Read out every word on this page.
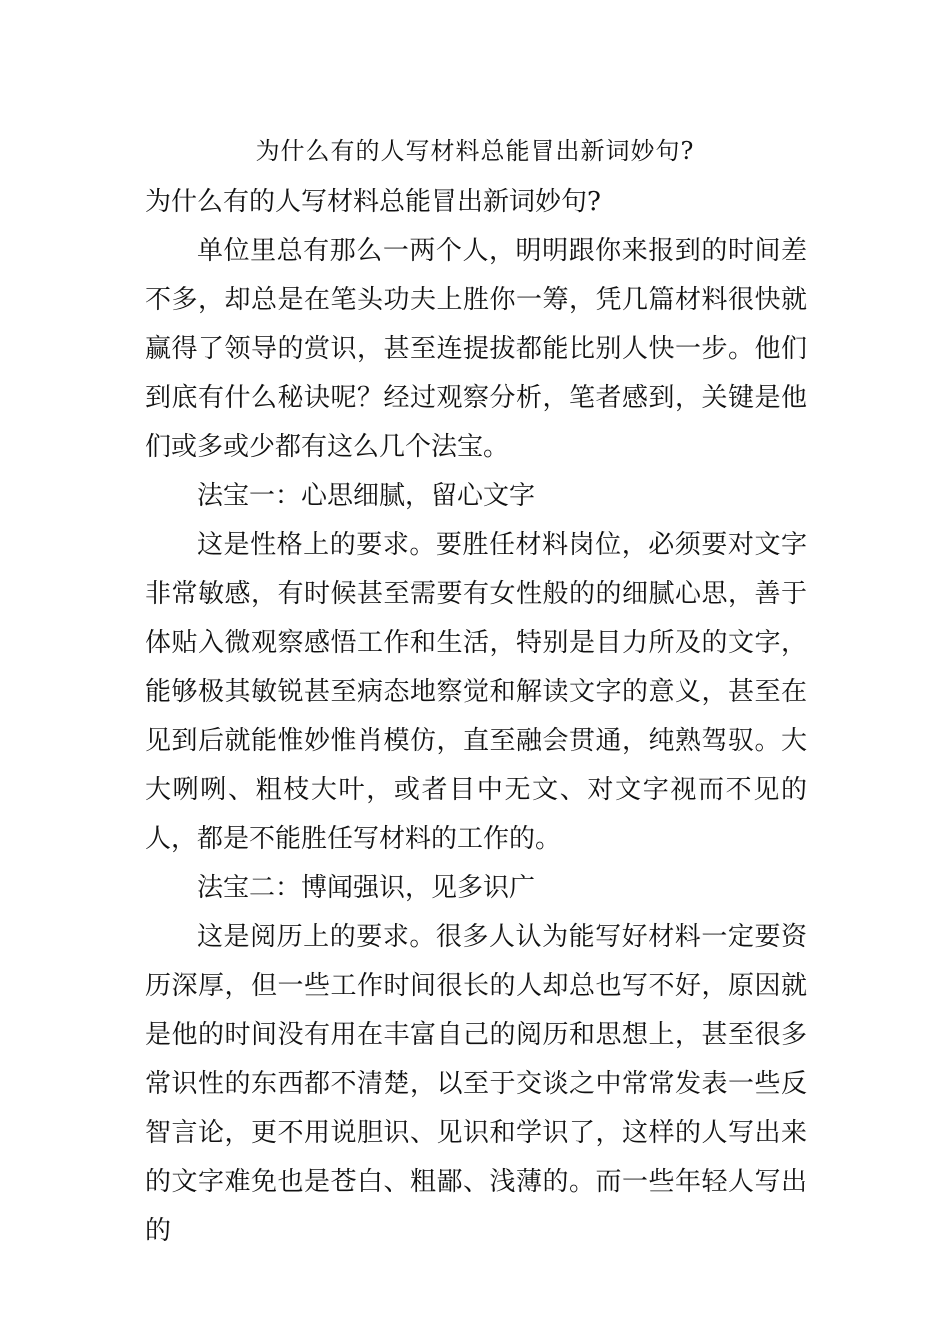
为什么有的人写材料总能冒出新词妙句?

为什么有的人写材料总能冒出新词妙句?

单位里总有那么一两个人，明明跟你来报到的时间差不多，却总是在笔头功夫上胜你一筹，凭几篇材料很快就赢得了领导的赏识，甚至连提拔都能比别人快一步。他们到底有什么秘诀呢？经过观察分析，笔者感到，关键是他们或多或少都有这么几个法宝。

法宝一：心思细腻，留心文字

这是性格上的要求。要胜任材料岗位，必须要对文字非常敏感，有时候甚至需要有女性般的的细腻心思，善于体贴入微观察感悟工作和生活，特别是目力所及的文字，能够极其敏锐甚至病态地察觉和解读文字的意义，甚至在见到后就能惟妙惟肖模仿，直至融会贯通，纯熟驾驭。大大咧咧、粗枝大叶，或者目中无文、对文字视而不见的人，都是不能胜任写材料的工作的。

法宝二：博闻强识，见多识广

这是阅历上的要求。很多人认为能写好材料一定要资历深厚，但一些工作时间很长的人却总也写不好，原因就是他的时间没有用在丰富自己的阅历和思想上，甚至很多常识性的东西都不清楚，以至于交谈之中常常发表一些反智言论，更不用说胆识、见识和学识了，这样的人写出来的文字难免也是苍白、粗鄙、浅薄的。而一些年轻人写出的
